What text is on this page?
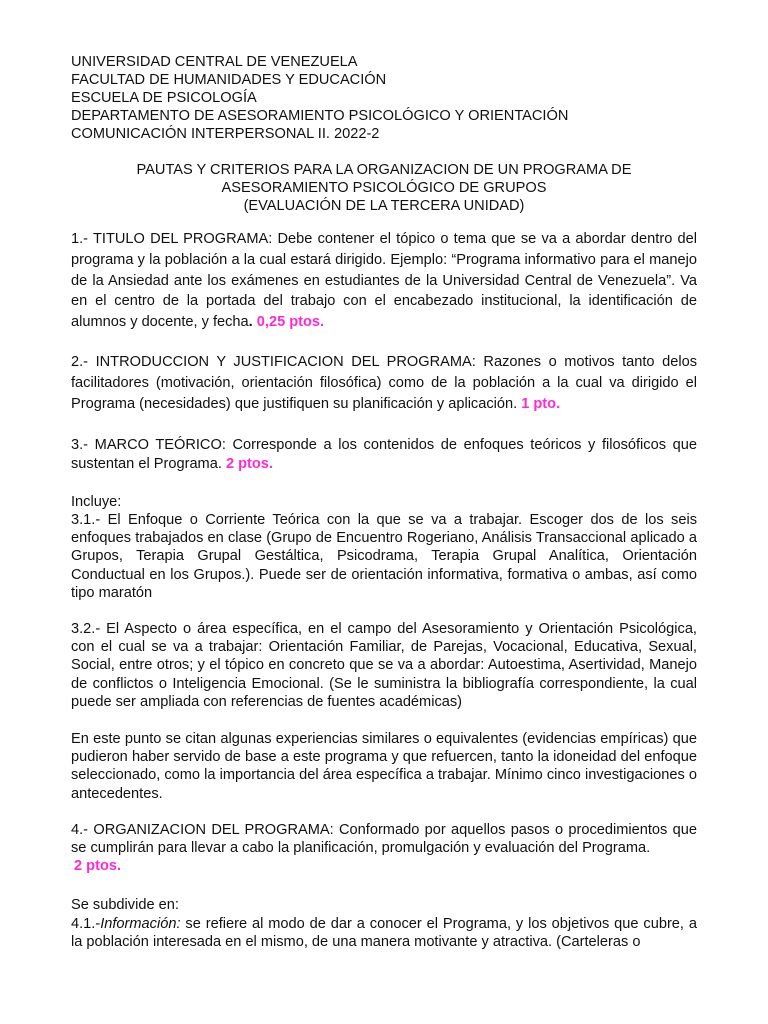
UNIVERSIDAD CENTRAL DE VENEZUELA
FACULTAD DE HUMANIDADES Y EDUCACIÓN
ESCUELA DE PSICOLOGÍA
DEPARTAMENTO DE ASESORAMIENTO PSICOLÓGICO Y ORIENTACIÓN
COMUNICACIÓN INTERPERSONAL II. 2022-2
PAUTAS Y CRITERIOS PARA LA ORGANIZACION DE UN PROGRAMA DE
ASESORAMIENTO PSICOLÓGICO DE GRUPOS
(EVALUACIÓN DE LA TERCERA UNIDAD)

1.- TITULO DEL PROGRAMA: Debe contener el tópico o tema que se va a abordar dentro del programa y la población a la cual estará dirigido. Ejemplo: “Programa informativo para el manejo de la Ansiedad ante los exámenes en estudiantes de la Universidad Central de Venezuela”. Va en el centro de la portada del trabajo con el encabezado institucional, la identificación de alumnos y docente, y fecha. 0,25 ptos.

2.- INTRODUCCION Y JUSTIFICACION DEL PROGRAMA: Razones o motivos tanto delos facilitadores (motivación, orientación filosófica) como de la población a la cual va dirigido el Programa (necesidades) que justifiquen su planificación y aplicación. 1 pto.

3.- MARCO TEÓRICO: Corresponde a los contenidos de enfoques teóricos y filosóficos que sustentan el Programa. 2 ptos.

Incluye:
3.1.- El Enfoque o Corriente Teórica con la que se va a trabajar. Escoger dos de los seis enfoques trabajados en clase (Grupo de Encuentro Rogeriano, Análisis Transaccional aplicado a Grupos, Terapia Grupal Gestáltica, Psicodrama, Terapia Grupal Analítica, Orientación Conductual en los Grupos.). Puede ser de orientación informativa, formativa o ambas, así como tipo maratón

3.2.- El Aspecto o área específica, en el campo del Asesoramiento y Orientación Psicológica, con el cual se va a trabajar: Orientación Familiar, de Parejas, Vocacional, Educativa, Sexual, Social, entre otros; y el tópico en concreto que se va a abordar: Autoestima, Asertividad, Manejo de conflictos o Inteligencia Emocional. (Se le suministra la bibliografía correspondiente, la cual puede ser ampliada con referencias de fuentes académicas)

En este punto se citan algunas experiencias similares o equivalentes (evidencias empíricas) que pudieron haber servido de base a este programa y que refuercen, tanto la idoneidad del enfoque seleccionado, como la importancia del área específica a trabajar. Mínimo cinco investigaciones o antecedentes.

4.- ORGANIZACION DEL PROGRAMA: Conformado por aquellos pasos o procedimientos que se cumplirán para llevar a cabo la planificación, promulgación y evaluación del Programa.
2 ptos.

Se subdivide en:
4.1.-Información: se refiere al modo de dar a conocer el Programa, y los objetivos que cubre, a la población interesada en el mismo, de una manera motivante y atractiva. (Carteleras o
